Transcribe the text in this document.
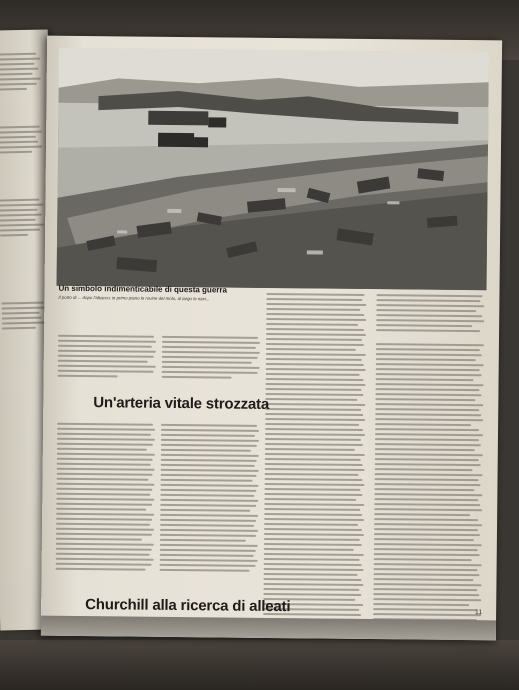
Un simbolo indimenticabile di questa guerra
Il porto di ... dopo l'attacco; in primo piano le rovine del molo, al largo le navi...
Un'arteria vitale strozzata
Churchill alla ricerca di alleati	11
